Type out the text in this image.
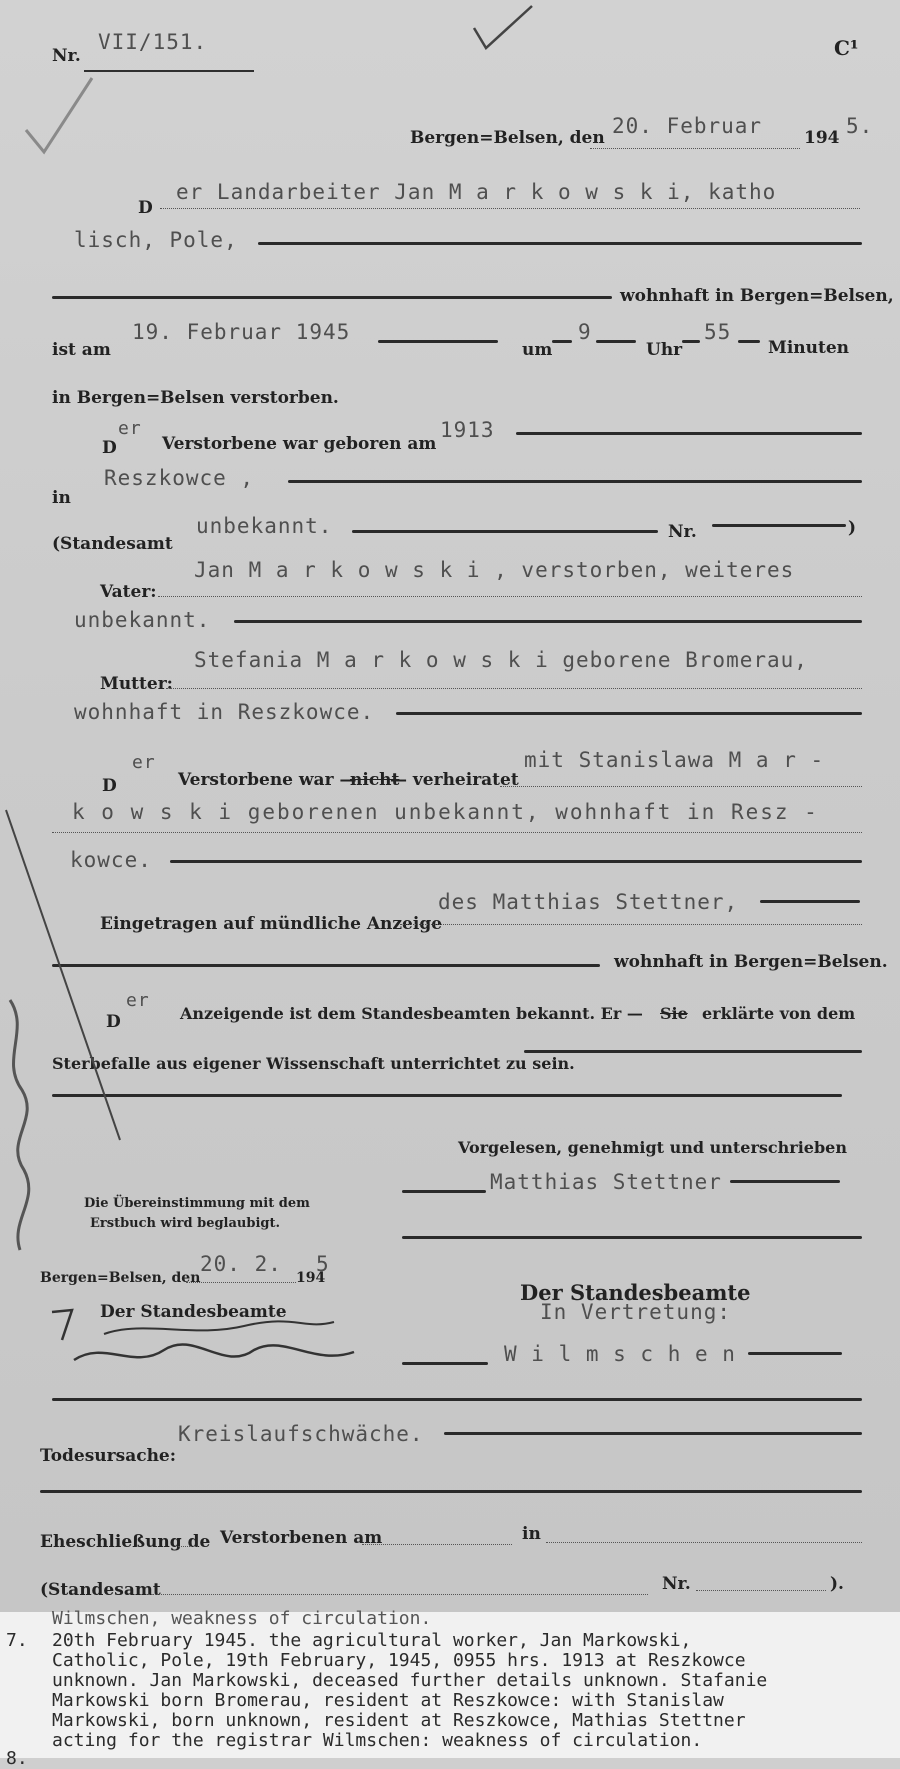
Nr.
VII/151.	C¹
Bergen=Belsen, den 20. Februar 194 5.
D
er Landarbeiter Jan M a r k o w s k i, katho
lisch, Pole,
wohnhaft in Bergen=Belsen,
ist am
19. Februar 1945
um
9
Uhr
55
Minuten
in Bergen=Belsen verstorben.
D
er
Verstorbene war geboren am
1913
in
Reszkowce ,
(Standesamt
unbekannt.	Nr.	)
Vater:
Jan M a r k o w s k i , verstorben, weiteres
unbekannt.
Mutter:
Stefania M a r k o w s k i geborene Bromerau,
wohnhaft in Reszkowce.
D
er
Verstorbene war —
nicht
— verheiratet
mit Stanislawa M a r -
k o w s k i geborenen unbekannt, wohnhaft in Resz -
kowce.
Eingetragen auf mündliche Anzeige
des Matthias Stettner,
wohnhaft in Bergen=Belsen.
D
er
Anzeigende ist dem Standesbeamten bekannt. Er — Sie erklärte von dem
Sterbefalle aus eigener Wissenschaft unterrichtet zu sein.
Vorgelesen, genehmigt und unterschrieben
Matthias Stettner
Die Übereinstimmung mit dem
Erstbuch wird beglaubigt.
Bergen=Belsen, den
20. 2.
194
5
Der Standesbeamte
Der Standesbeamte
In Vertretung:
W i l m s c h e n
Todesursache:
Kreislaufschwäche.
Eheschließung de Verstorbenen am	in
(Standesamt	Nr.	).
Wilmschen, weakness of circulation.
7. 20th February 1945. the agricultural worker, Jan Markowski,
Catholic, Pole, 19th February, 1945, 0955 hrs. 1913 at Reszkowce
unknown. Jan Markowski, deceased further details unknown. Stafanie
Markowski born Bromerau, resident at Reszkowce: with Stanislaw
Markowski, born unknown, resident at Reszkowce, Mathias Stettner
acting for the registrar Wilmschen: weakness of circulation.
8.
